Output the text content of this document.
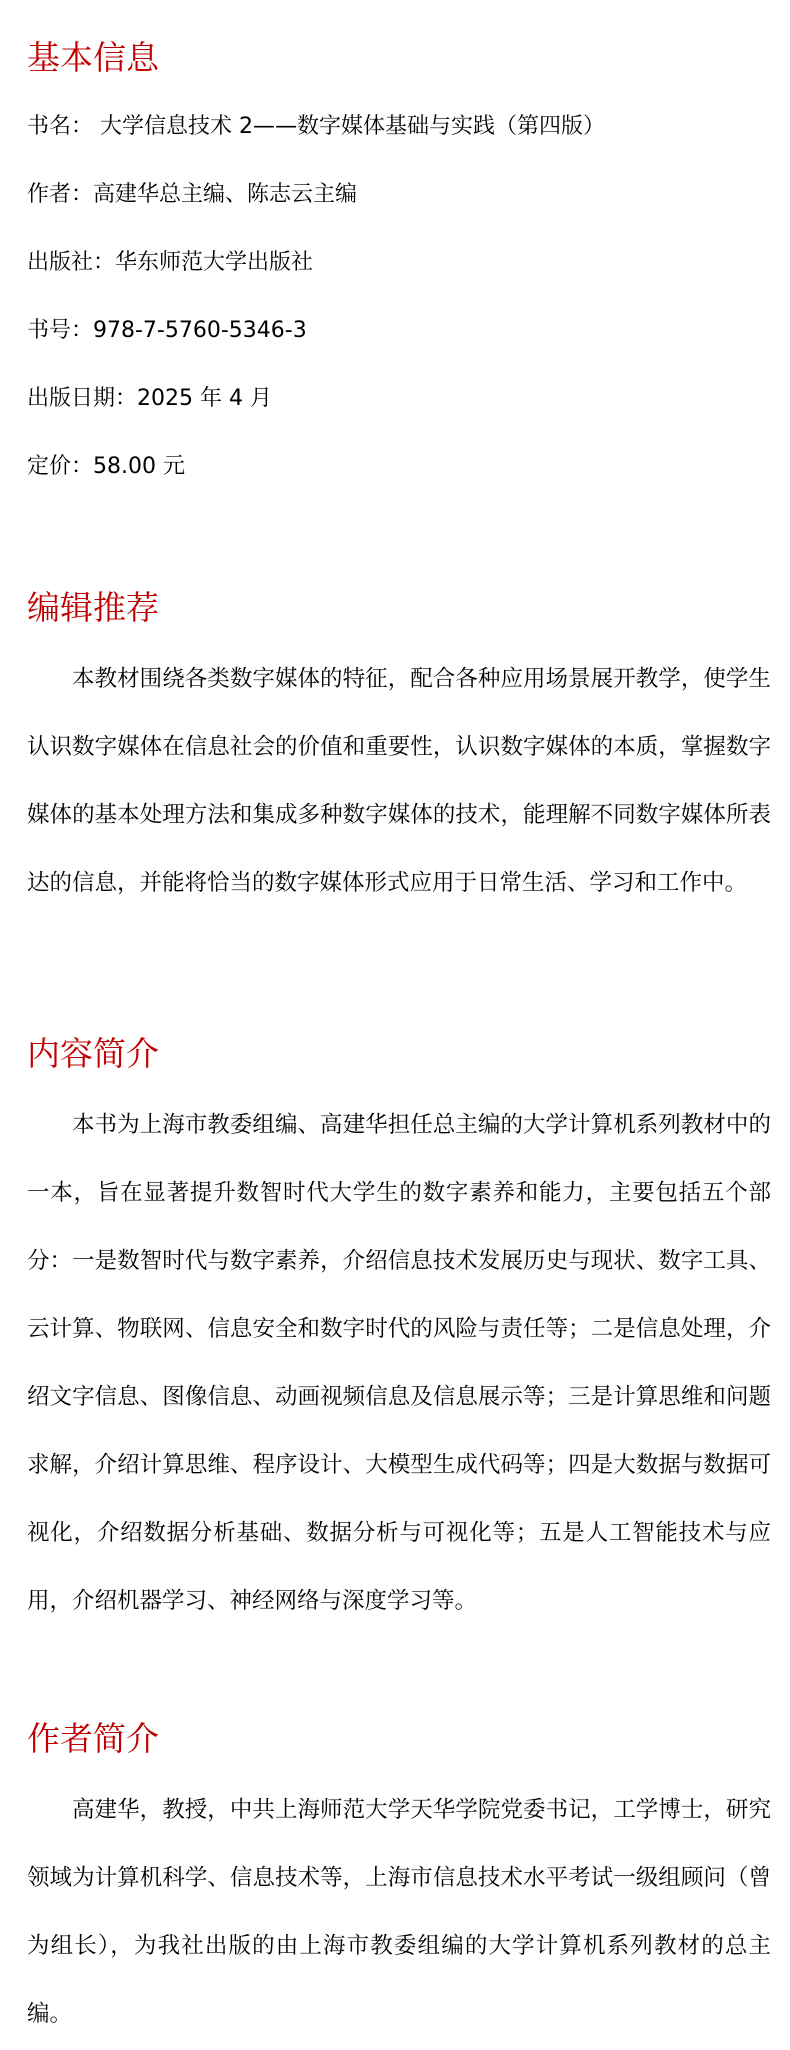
基本信息

书名： 大学信息技术 2——数字媒体基础与实践（第四版）

作者：高建华总主编、陈志云主编

出版社：华东师范大学出版社

书号：978-7-5760-5346-3

出版日期：2025 年 4 月

定价：58.00 元

编辑推荐

本教材围绕各类数字媒体的特征，配合各种应用场景展开教学，使学生认识数字媒体在信息社会的价值和重要性，认识数字媒体的本质，掌握数字媒体的基本处理方法和集成多种数字媒体的技术，能理解不同数字媒体所表达的信息，并能将恰当的数字媒体形式应用于日常生活、学习和工作中。

内容简介

本书为上海市教委组编、高建华担任总主编的大学计算机系列教材中的一本，旨在显著提升数智时代大学生的数字素养和能力，主要包括五个部分：一是数智时代与数字素养，介绍信息技术发展历史与现状、数字工具、云计算、物联网、信息安全和数字时代的风险与责任等；二是信息处理，介绍文字信息、图像信息、动画视频信息及信息展示等；三是计算思维和问题求解，介绍计算思维、程序设计、大模型生成代码等；四是大数据与数据可视化，介绍数据分析基础、数据分析与可视化等；五是人工智能技术与应用，介绍机器学习、神经网络与深度学习等。

作者简介

高建华，教授，中共上海师范大学天华学院党委书记，工学博士，研究领域为计算机科学、信息技术等，上海市信息技术水平考试一级组顾问（曾为组长），为我社出版的由上海市教委组编的大学计算机系列教材的总主编。
